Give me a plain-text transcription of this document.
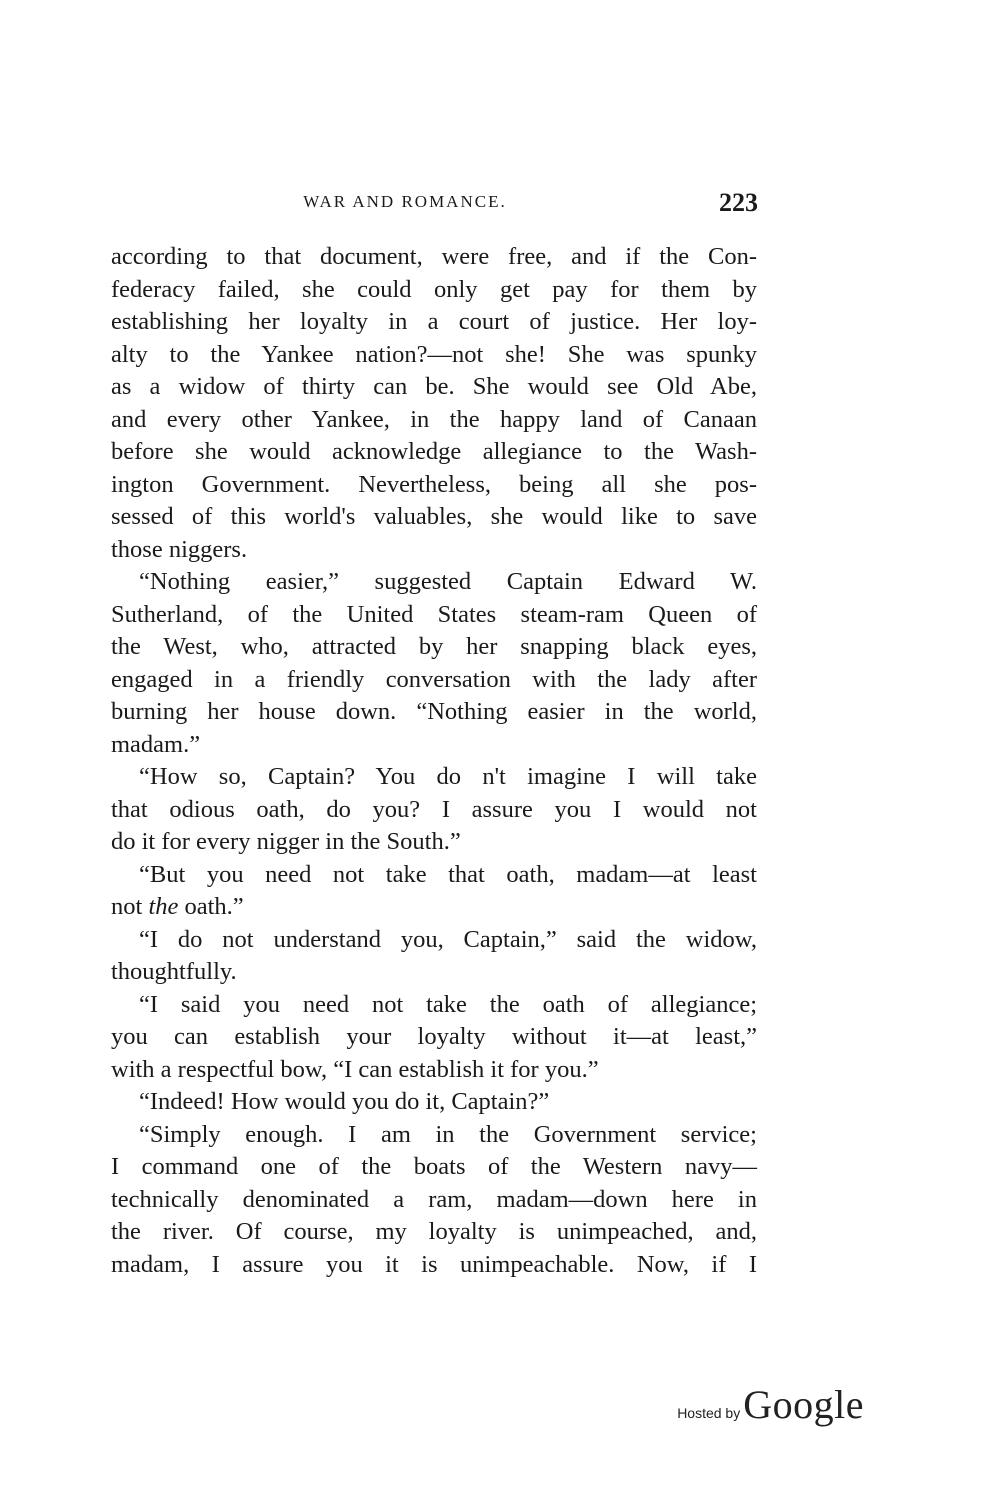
WAR AND ROMANCE.	223
according to that document, were free, and if the Con-
federacy failed, she could only get pay for them by
establishing her loyalty in a court of justice. Her loy-
alty to the Yankee nation?—not she! She was spunky
as a widow of thirty can be. She would see Old Abe,
and every other Yankee, in the happy land of Canaan
before she would acknowledge allegiance to the Wash-
ington Government. Nevertheless, being all she pos-
sessed of this world's valuables, she would like to save
those niggers.
“Nothing easier,” suggested Captain Edward W.
Sutherland, of the United States steam-ram Queen of
the West, who, attracted by her snapping black eyes,
engaged in a friendly conversation with the lady after
burning her house down. “Nothing easier in the world,
madam.”
“How so, Captain? You do n't imagine I will take
that odious oath, do you? I assure you I would not
do it for every nigger in the South.”
“But you need not take that oath, madam—at least
not the oath.”
“I do not understand you, Captain,” said the widow,
thoughtfully.
“I said you need not take the oath of allegiance;
you can establish your loyalty without it—at least,”
with a respectful bow, “I can establish it for you.”
“Indeed! How would you do it, Captain?”
“Simply enough. I am in the Government service;
I command one of the boats of the Western navy—
technically denominated a ram, madam—down here in
the river. Of course, my loyalty is unimpeached, and,
madam, I assure you it is unimpeachable. Now, if I
Hosted by Google
